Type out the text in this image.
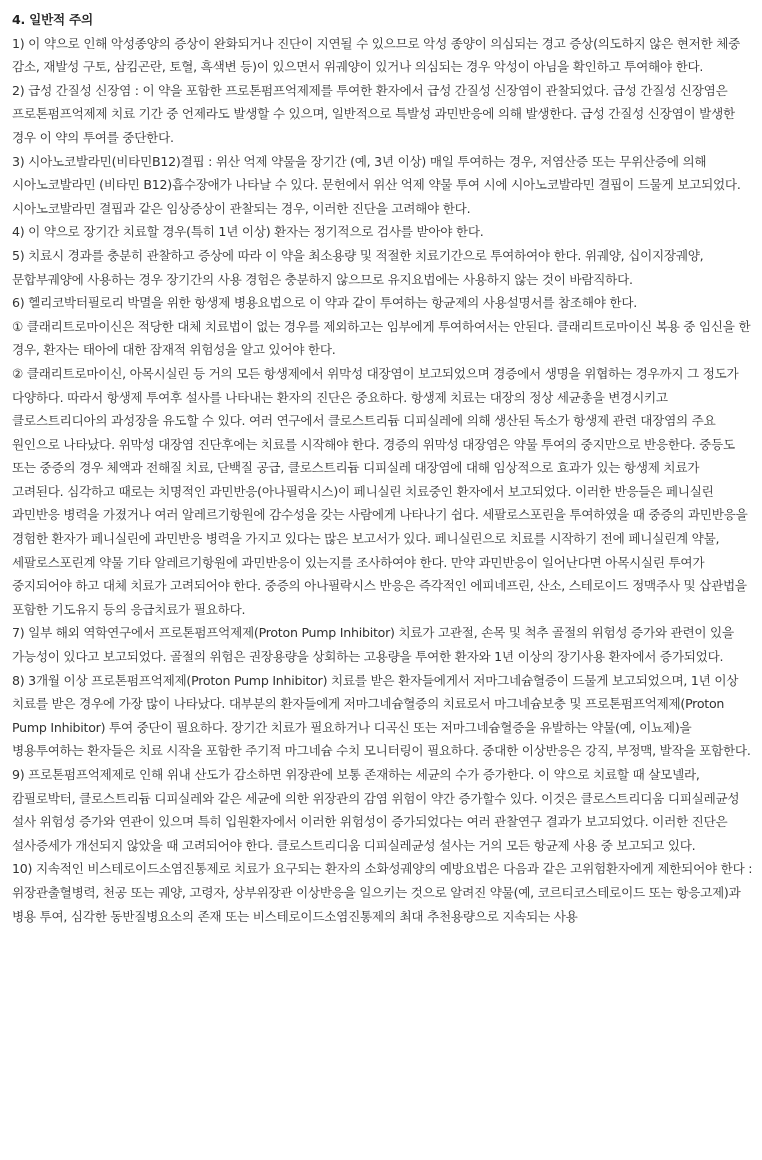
4. 일반적 주의

1) 이 약으로 인해 악성종양의 증상이 완화되거나 진단이 지연될 수 있으므로 악성 종양이 의심되는 경고 증상(의도하지 않은 현저한 체중 감소, 재발성 구토, 삼킴곤란, 토혈, 흑색변 등)이 있으면서 위궤양이 있거나 의심되는 경우 악성이 아님을 확인하고 투여해야 한다.

2) 급성 간질성 신장염 : 이 약을 포함한 프로톤펌프억제제를 투여한 환자에서 급성 간질성 신장염이 관찰되었다. 급성 간질성 신장염은 프로톤펌프억제제 치료 기간 중 언제라도 발생할 수 있으며, 일반적으로 특발성 과민반응에 의해 발생한다. 급성 간질성 신장염이 발생한 경우 이 약의 투여를 중단한다.

3) 시아노코발라민(비타민B12)결핍 : 위산 억제 약물을 장기간 (예, 3년 이상) 매일 투여하는 경우, 저염산증 또는 무위산증에 의해 시아노코발라민 (비타민 B12)흡수장애가 나타날 수 있다. 문헌에서 위산 억제 약물 투여 시에 시아노코발라민 결핍이 드물게 보고되었다. 시아노코발라민 결핍과 같은 임상증상이 관찰되는 경우, 이러한 진단을 고려해야 한다.

4) 이 약으로 장기간 치료할 경우(특히 1년 이상) 환자는 정기적으로 검사를 받아야 한다.

5) 치료시 경과를 충분히 관찰하고 증상에 따라 이 약을 최소용량 및 적절한 치료기간으로 투여하여야 한다. 위궤양, 십이지장궤양, 문합부궤양에 사용하는 경우 장기간의 사용 경험은 충분하지 않으므로 유지요법에는 사용하지 않는 것이 바람직하다.

6) 헬리코박터필로리 박멸을 위한 항생제 병용요법으로 이 약과 같이 투여하는 항균제의 사용설명서를 참조해야 한다.

① 클래리트로마이신은 적당한 대체 치료법이 없는 경우를 제외하고는 임부에게 투여하여서는 안된다. 클래리트로마이신 복용 중 임신을 한 경우, 환자는 태아에 대한 잠재적 위험성을 알고 있어야 한다.

② 클래리트로마이신, 아목시실린 등 거의 모든 항생제에서 위막성 대장염이 보고되었으며 경증에서 생명을 위협하는 경우까지 그 정도가 다양하다. 따라서 항생제 투여후 설사를 나타내는 환자의 진단은 중요하다. 항생제 치료는 대장의 정상 세균총을 변경시키고 클로스트리디아의 과성장을 유도할 수 있다. 여러 연구에서 클로스트리듐 디피실레에 의해 생산된 독소가 항생제 관련 대장염의 주요 원인으로 나타났다. 위막성 대장염 진단후에는 치료를 시작해야 한다. 경증의 위막성 대장염은 약물 투여의 중지만으로 반응한다. 중등도 또는 중증의 경우 체액과 전해질 치료, 단백질 공급, 클로스트리듐 디피실레 대장염에 대해 임상적으로 효과가 있는 항생제 치료가 고려된다. 심각하고 때로는 치명적인 과민반응(아나필락시스)이 페니실린 치료중인 환자에서 보고되었다. 이러한 반응들은 페니실린 과민반응 병력을 가졌거나 여러 알레르기항원에 감수성을 갖는 사람에게 나타나기 쉽다. 세팔로스포린을 투여하였을 때 중증의 과민반응을 경험한 환자가 페니실린에 과민반응 병력을 가지고 있다는 많은 보고서가 있다. 페니실린으로 치료를 시작하기 전에 페니실린계 약물, 세팔로스포린계 약물 기타 알레르기항원에 과민반응이 있는지를 조사하여야 한다. 만약 과민반응이 일어난다면 아목시실린 투여가 중지되어야 하고 대체 치료가 고려되어야 한다. 중증의 아나필락시스 반응은 즉각적인 에피네프린, 산소, 스테로이드 정맥주사 및 삽관법을 포함한 기도유지 등의 응급치료가 필요하다.

7) 일부 해외 역학연구에서 프로톤펌프억제제(Proton Pump Inhibitor) 치료가 고관절, 손목 및 척추 골절의 위험성 증가와 관련이 있을 가능성이 있다고 보고되었다. 골절의 위험은 권장용량을 상회하는 고용량을 투여한 환자와 1년 이상의 장기사용 환자에서 증가되었다.

8) 3개월 이상 프로톤펌프억제제(Proton Pump Inhibitor) 치료를 받은 환자들에게서 저마그네슘혈증이 드물게 보고되었으며, 1년 이상 치료를 받은 경우에 가장 많이 나타났다. 대부분의 환자들에게 저마그네슘혈증의 치료로서 마그네슘보충 및 프로톤펌프억제제(Proton Pump Inhibitor) 투여 중단이 필요하다. 장기간 치료가 필요하거나 디곡신 또는 저마그네슘혈증을 유발하는 약물(예, 이뇨제)을 병용투여하는 환자들은 치료 시작을 포함한 주기적 마그네슘 수치 모니터링이 필요하다. 중대한 이상반응은 강직, 부정맥, 발작을 포함한다.

9) 프로톤펌프억제제로 인해 위내 산도가 감소하면 위장관에 보통 존재하는 세균의 수가 증가한다. 이 약으로 치료할 때 살모넬라, 캄필로박터, 클로스트리듐 디피실레와 같은 세균에 의한 위장관의 감염 위험이 약간 증가할수 있다. 이것은 클로스트리디움 디피실레균성 설사 위험성 증가와 연관이 있으며 특히 입원환자에서 이러한 위험성이 증가되었다는 여러 관찰연구 결과가 보고되었다. 이러한 진단은 설사증세가 개선되지 않았을 때 고려되어야 한다. 클로스트리디움 디피실레균성 설사는 거의 모든 항균제 사용 중 보고되고 있다.

10) 지속적인 비스테로이드소염진통제로 치료가 요구되는 환자의 소화성궤양의 예방요법은 다음과 같은 고위험환자에게 제한되어야 한다 : 위장관출혈병력, 천공 또는 궤양, 고령자, 상부위장관 이상반응을 일으키는 것으로 알려진 약물(예, 코르티코스테로이드 또는 항응고제)과 병용 투여, 심각한 동반질병요소의 존재 또는 비스테로이드소염진통제의 최대 추천용량으로 지속되는 사용
